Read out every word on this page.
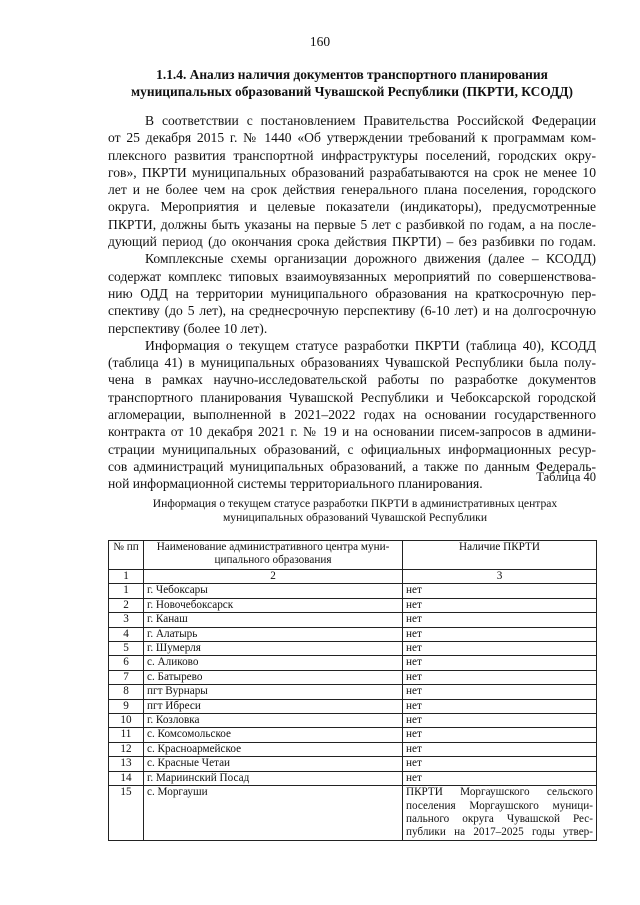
160
1.1.4. Анализ наличия документов транспортного планирования
муниципальных образований Чувашской Республики (ПКРТИ, КСОДД)
В соответствии с постановлением Правительства Российской Федерации
от 25 декабря 2015 г. № 1440 «Об утверждении требований к программам ком-
плексного развития транспортной инфраструктуры поселений, городских окру-
гов», ПКРТИ муниципальных образований разрабатываются на срок не менее 10
лет и не более чем на срок действия генерального плана поселения, городского
округа. Мероприятия и целевые показатели (индикаторы), предусмотренные
ПКРТИ, должны быть указаны на первые 5 лет с разбивкой по годам, а на после-
дующий период (до окончания срока действия ПКРТИ) – без разбивки по годам.
Комплексные схемы организации дорожного движения (далее – КСОДД)
содержат комплекс типовых взаимоувязанных мероприятий по совершенствова-
нию ОДД на территории муниципального образования на краткосрочную пер-
спективу (до 5 лет), на среднесрочную перспективу (6-10 лет) и на долгосрочную
перспективу (более 10 лет).
Информация о текущем статусе разработки ПКРТИ (таблица 40), КСОДД
(таблица 41) в муниципальных образованиях Чувашской Республики была полу-
чена в рамках научно-исследовательской работы по разработке документов
транспортного планирования Чувашской Республики и Чебоксарской городской
агломерации, выполненной в 2021–2022 годах на основании государственного
контракта от 10 декабря 2021 г. № 19 и на основании писем-запросов в админи-
страции муниципальных образований, с официальных информационных ресур-
сов администраций муниципальных образований, а также по данным Федераль-
ной информационной системы территориального планирования.	Таблица 40
Информация о текущем статусе разработки ПКРТИ в административных центрах
муниципальных образований Чувашской Республики
№ пп	Наименование административного центра муни-
ципального образования	Наличие ПКРТИ
1	2	3
1	г. Чебоксары	нет
2	г. Новочебоксарск	нет
3	г. Канаш	нет
4	г. Алатырь	нет
5	г. Шумерля	нет
6	с. Аликово	нет
7	с. Батырево	нет
8	пгт Вурнары	нет
9	пгт Ибреси	нет
10	г. Козловка	нет
11	с. Комсомольское	нет
12	с. Красноармейское	нет
13	с. Красные Четаи	нет
14	г. Мариинский Посад	нет
15	с. Моргауши	ПКРТИ Моргаушского сельского
поселения Моргаушского муници-
пального округа Чувашской Рес-
публики на 2017–2025 годы утвер-
